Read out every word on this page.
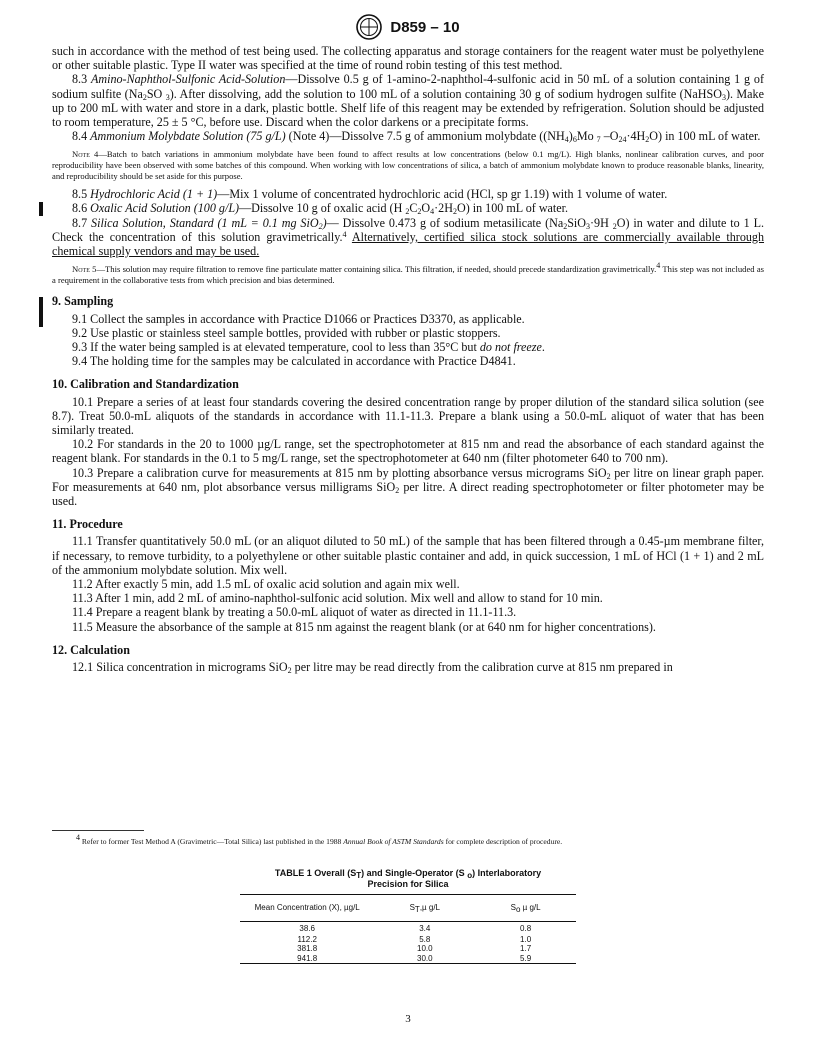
D859 – 10

such in accordance with the method of test being used. The collecting apparatus and storage containers for the reagent water must be polyethylene or other suitable plastic. Type II water was specified at the time of round robin testing of this test method.

8.3 Amino-Naphthol-Sulfonic Acid-Solution—Dissolve 0.5 g of 1-amino-2-naphthol-4-sulfonic acid in 50 mL of a solution containing 1 g of sodium sulfite ($Na_2SO$ $_3$). After dissolving, add the solution to 100 mL of a solution containing 30 g of sodium hydrogen sulfite (NaHSO$_3$). Make up to 200 mL with water and store in a dark, plastic bottle. Shelf life of this reagent may be extended by refrigeration. Solution should be adjusted to room temperature, 25 ± 5 °C, before use. Discard when the color darkens or a precipitate forms.

8.4 Ammonium Molybdate Solution (75 g/L) (Note 4)—Dissolve 7.5 g of ammonium molybdate ($(NH_4)_6Mo$ $_7$ $-O_{24}\cdot 4H_2O$) in 100 mL of water.

Note 4—Batch to batch variations in ammonium molybdate have been found to affect results at low concentrations (below 0.1 mg/L). High blanks, nonlinear calibration curves, and poor reproducibility have been observed with some batches of this compound. When working with low concentrations of silica, a batch of ammonium molybdate known to produce reasonable blanks, linearity, and reproducibility should be set aside for this purpose.

8.5 Hydrochloric Acid (1 + 1)—Mix 1 volume of concentrated hydrochloric acid (HCl, sp gr 1.19) with 1 volume of water.

8.6 Oxalic Acid Solution (100 g/L)—Dissolve 10 g of oxalic acid (H $_2C_2O_4\cdot 2H_2O$) in 100 mL of water.

8.7 Silica Solution, Standard (1 mL = 0.1 mg SiO$_2$)— Dissolve 0.473 g of sodium metasilicate ($Na_2SiO_3\cdot 9H$ $_2$O) in water and dilute to 1 L. Check the concentration of this solution gravimetrically.$^4$ Alternatively, certified silica stock solutions are commercially available through chemical supply vendors and may be used.

Note 5—This solution may require filtration to remove fine particulate matter containing silica. This filtration, if needed, should precede standardization gravimetrically.$^4$ This step was not included as a requirement in the collaborative tests from which precision and bias determined.

9. Sampling

9.1 Collect the samples in accordance with Practice D1066 or Practices D3370, as applicable.

9.2 Use plastic or stainless steel sample bottles, provided with rubber or plastic stoppers.

9.3 If the water being sampled is at elevated temperature, cool to less than 35°C but do not freeze.

9.4 The holding time for the samples may be calculated in accordance with Practice D4841.

10. Calibration and Standardization

10.1 Prepare a series of at least four standards covering the desired concentration range by proper dilution of the standard silica solution (see 8.7). Treat 50.0-mL aliquots of the standards in accordance with 11.1-11.3. Prepare a blank using a 50.0-mL aliquot of water that has been similarly treated.

10.2 For standards in the 20 to 1000 µg/L range, set the spectrophotometer at 815 nm and read the absorbance of each standard against the reagent blank. For standards in the 0.1 to 5 mg/L range, set the spectrophotometer at 640 nm (filter photometer 640 to 700 nm).

10.3 Prepare a calibration curve for measurements at 815 nm by plotting absorbance versus micrograms SiO$_2$ per litre on linear graph paper. For measurements at 640 nm, plot absorbance versus milligrams SiO$_2$ per litre. A direct reading spectrophotometer or filter photometer may be used.

11. Procedure

11.1 Transfer quantitatively 50.0 mL (or an aliquot diluted to 50 mL) of the sample that has been filtered through a 0.45-µm membrane filter, if necessary, to remove turbidity, to a polyethylene or other suitable plastic container and add, in quick succession, 1 mL of HCl (1 + 1) and 2 mL of the ammonium molybdate solution. Mix well.

11.2 After exactly 5 min, add 1.5 mL of oxalic acid solution and again mix well.

11.3 After 1 min, add 2 mL of amino-naphthol-sulfonic acid solution. Mix well and allow to stand for 10 min.

11.4 Prepare a reagent blank by treating a 50.0-mL aliquot of water as directed in 11.1-11.3.

11.5 Measure the absorbance of the sample at 815 nm against the reagent blank (or at 640 nm for higher concentrations).

12. Calculation

12.1 Silica concentration in micrograms SiO$_2$ per litre may be read directly from the calibration curve at 815 nm prepared in

$^4$ Refer to former Test Method A (Gravimetric—Total Silica) last published in the 1988 Annual Book of ASTM Standards for complete description of procedure.
TABLE 1 Overall $(S_T)$ and Single-Operator (S $_o$) Interlaboratory
Precision for Silica
Mean Concentration (X), µg/L	$S_T,\mu$ g/L	$S_o$ µ g/L
38.6	3.4	0.8
112.2	5.8	1.0
381.8	10.0	1.7
941.8	30.0	5.9
3
